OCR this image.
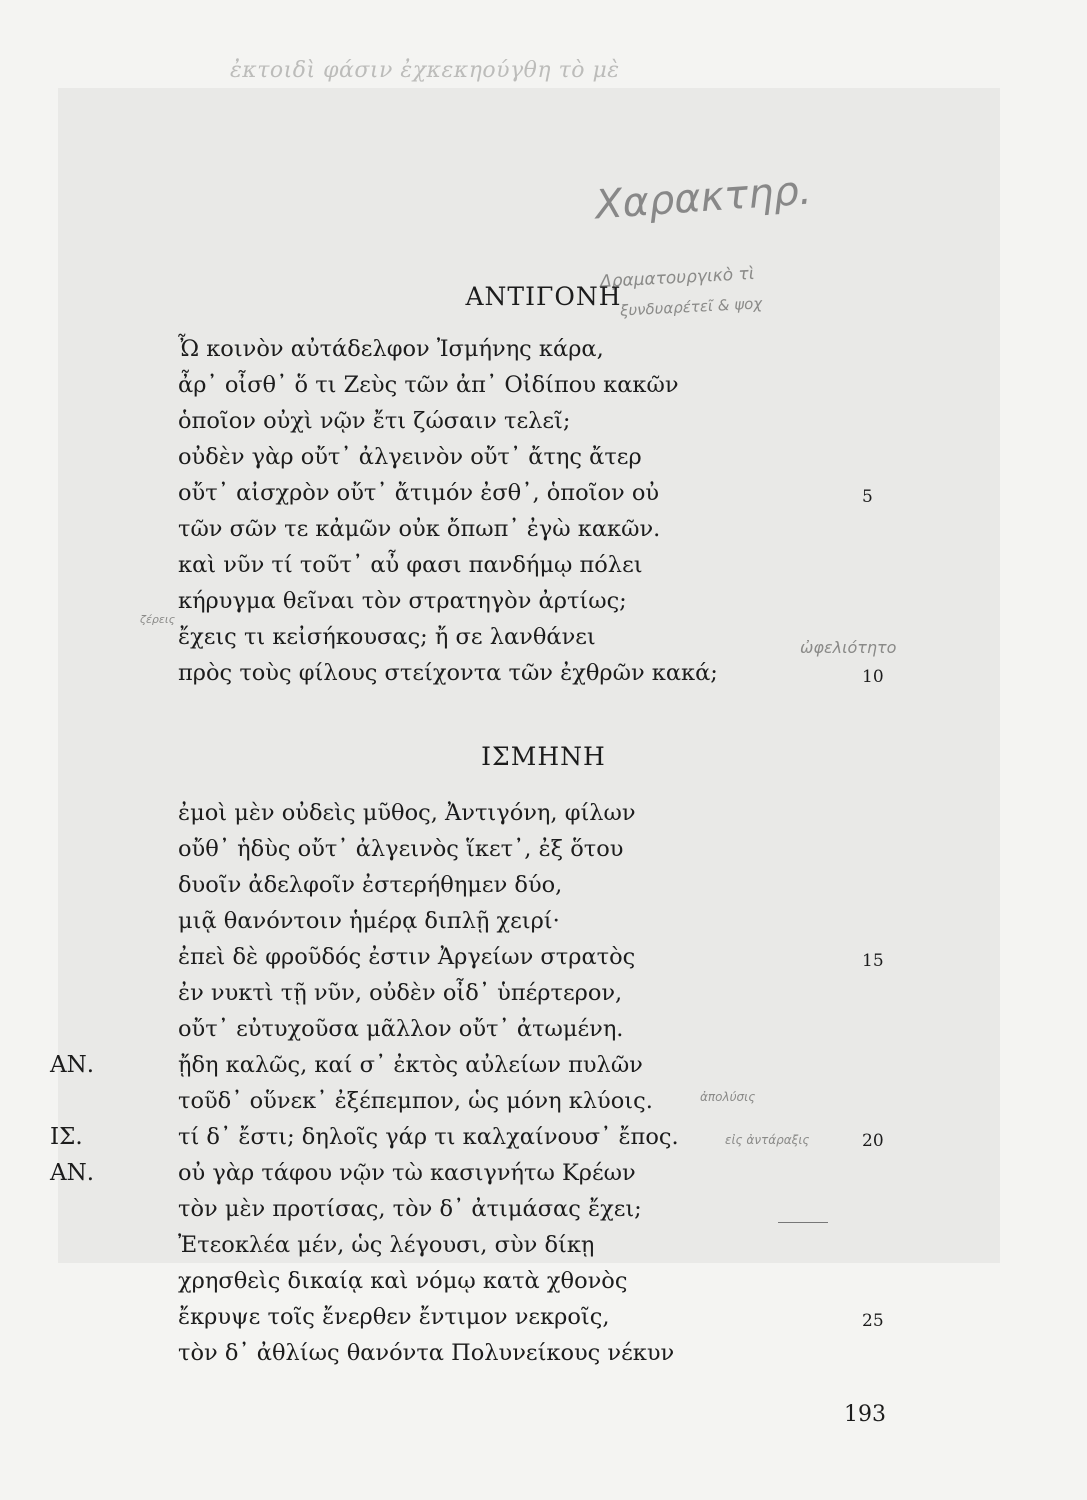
ἐκτοιδὶ φάσιν ἐχκεκηούγθη τὸ μὲ
Χαρακτηρ.
Δραματουργικὸ τὶ
ξυνδυαρέτεῖ & ψοχ
ὠφελιότητο
ζέρεις
ἀπολύσις
εἰς ἀντάραξις
ΑΝΤΙΓΟΝΗ
Ὦ κοινὸν αὐτάδελφον Ἰσμήνης κάρα,
ἆρ᾽ οἶσθ᾽ ὅ τι Ζεὺς τῶν ἀπ᾽ Οἰδίπου κακῶν
ὁποῖον οὐχὶ νῷν ἔτι ζώσαιν τελεῖ;
οὐδὲν γὰρ οὔτ᾽ ἀλγεινὸν οὔτ᾽ ἄτης ἄτερ
οὔτ᾽ αἰσχρὸν οὔτ᾽ ἄτιμόν ἐσθ᾽, ὁποῖον οὐ
τῶν σῶν τε κἀμῶν οὐκ ὄπωπ᾽ ἐγὼ κακῶν.
καὶ νῦν τί τοῦτ᾽ αὖ φασι πανδήμῳ πόλει
κήρυγμα θεῖναι τὸν στρατηγὸν ἀρτίως;
ἔχεις τι κεἰσήκουσας; ἤ σε λανθάνει
πρὸς τοὺς φίλους στείχοντα τῶν ἐχθρῶν κακά;
ΙΣΜΗΝΗ
ἐμοὶ μὲν οὐδεὶς μῦθος, Ἀντιγόνη, φίλων
οὔθ᾽ ἡδὺς οὔτ᾽ ἀλγεινὸς ἵκετ᾽, ἐξ ὅτου
δυοῖν ἀδελφοῖν ἐστερήθημεν δύο,
μιᾷ θανόντοιν ἡμέρᾳ διπλῇ χειρί·
ἐπεὶ δὲ φροῦδός ἐστιν Ἀργείων στρατὸς
ἐν νυκτὶ τῇ νῦν, οὐδὲν οἶδ᾽ ὑπέρτερον,
οὔτ᾽ εὐτυχοῦσα μᾶλλον οὔτ᾽ ἀτωμένη.
ΑΝ.	ᾔδη καλῶς, καί σ᾽ ἐκτὸς αὐλείων πυλῶν
τοῦδ᾽ οὕνεκ᾽ ἐξέπεμπον, ὡς μόνη κλύοις.
ΙΣ.	τί δ᾽ ἔστι; δηλοῖς γάρ τι καλχαίνουσ᾽ ἔπος.
ΑΝ.	οὐ γὰρ τάφου νῷν τὼ κασιγνήτω Κρέων
τὸν μὲν προτίσας, τὸν δ᾽ ἀτιμάσας ἔχει;
Ἐτεοκλέα μέν, ὡς λέγουσι, σὺν δίκῃ
χρησθεὶς δικαίᾳ καὶ νόμῳ κατὰ χθονὸς
ἔκρυψε τοῖς ἔνερθεν ἔντιμον νεκροῖς,
τὸν δ᾽ ἀθλίως θανόντα Πολυνείκους νέκυν
5
10
15
20
25
193
